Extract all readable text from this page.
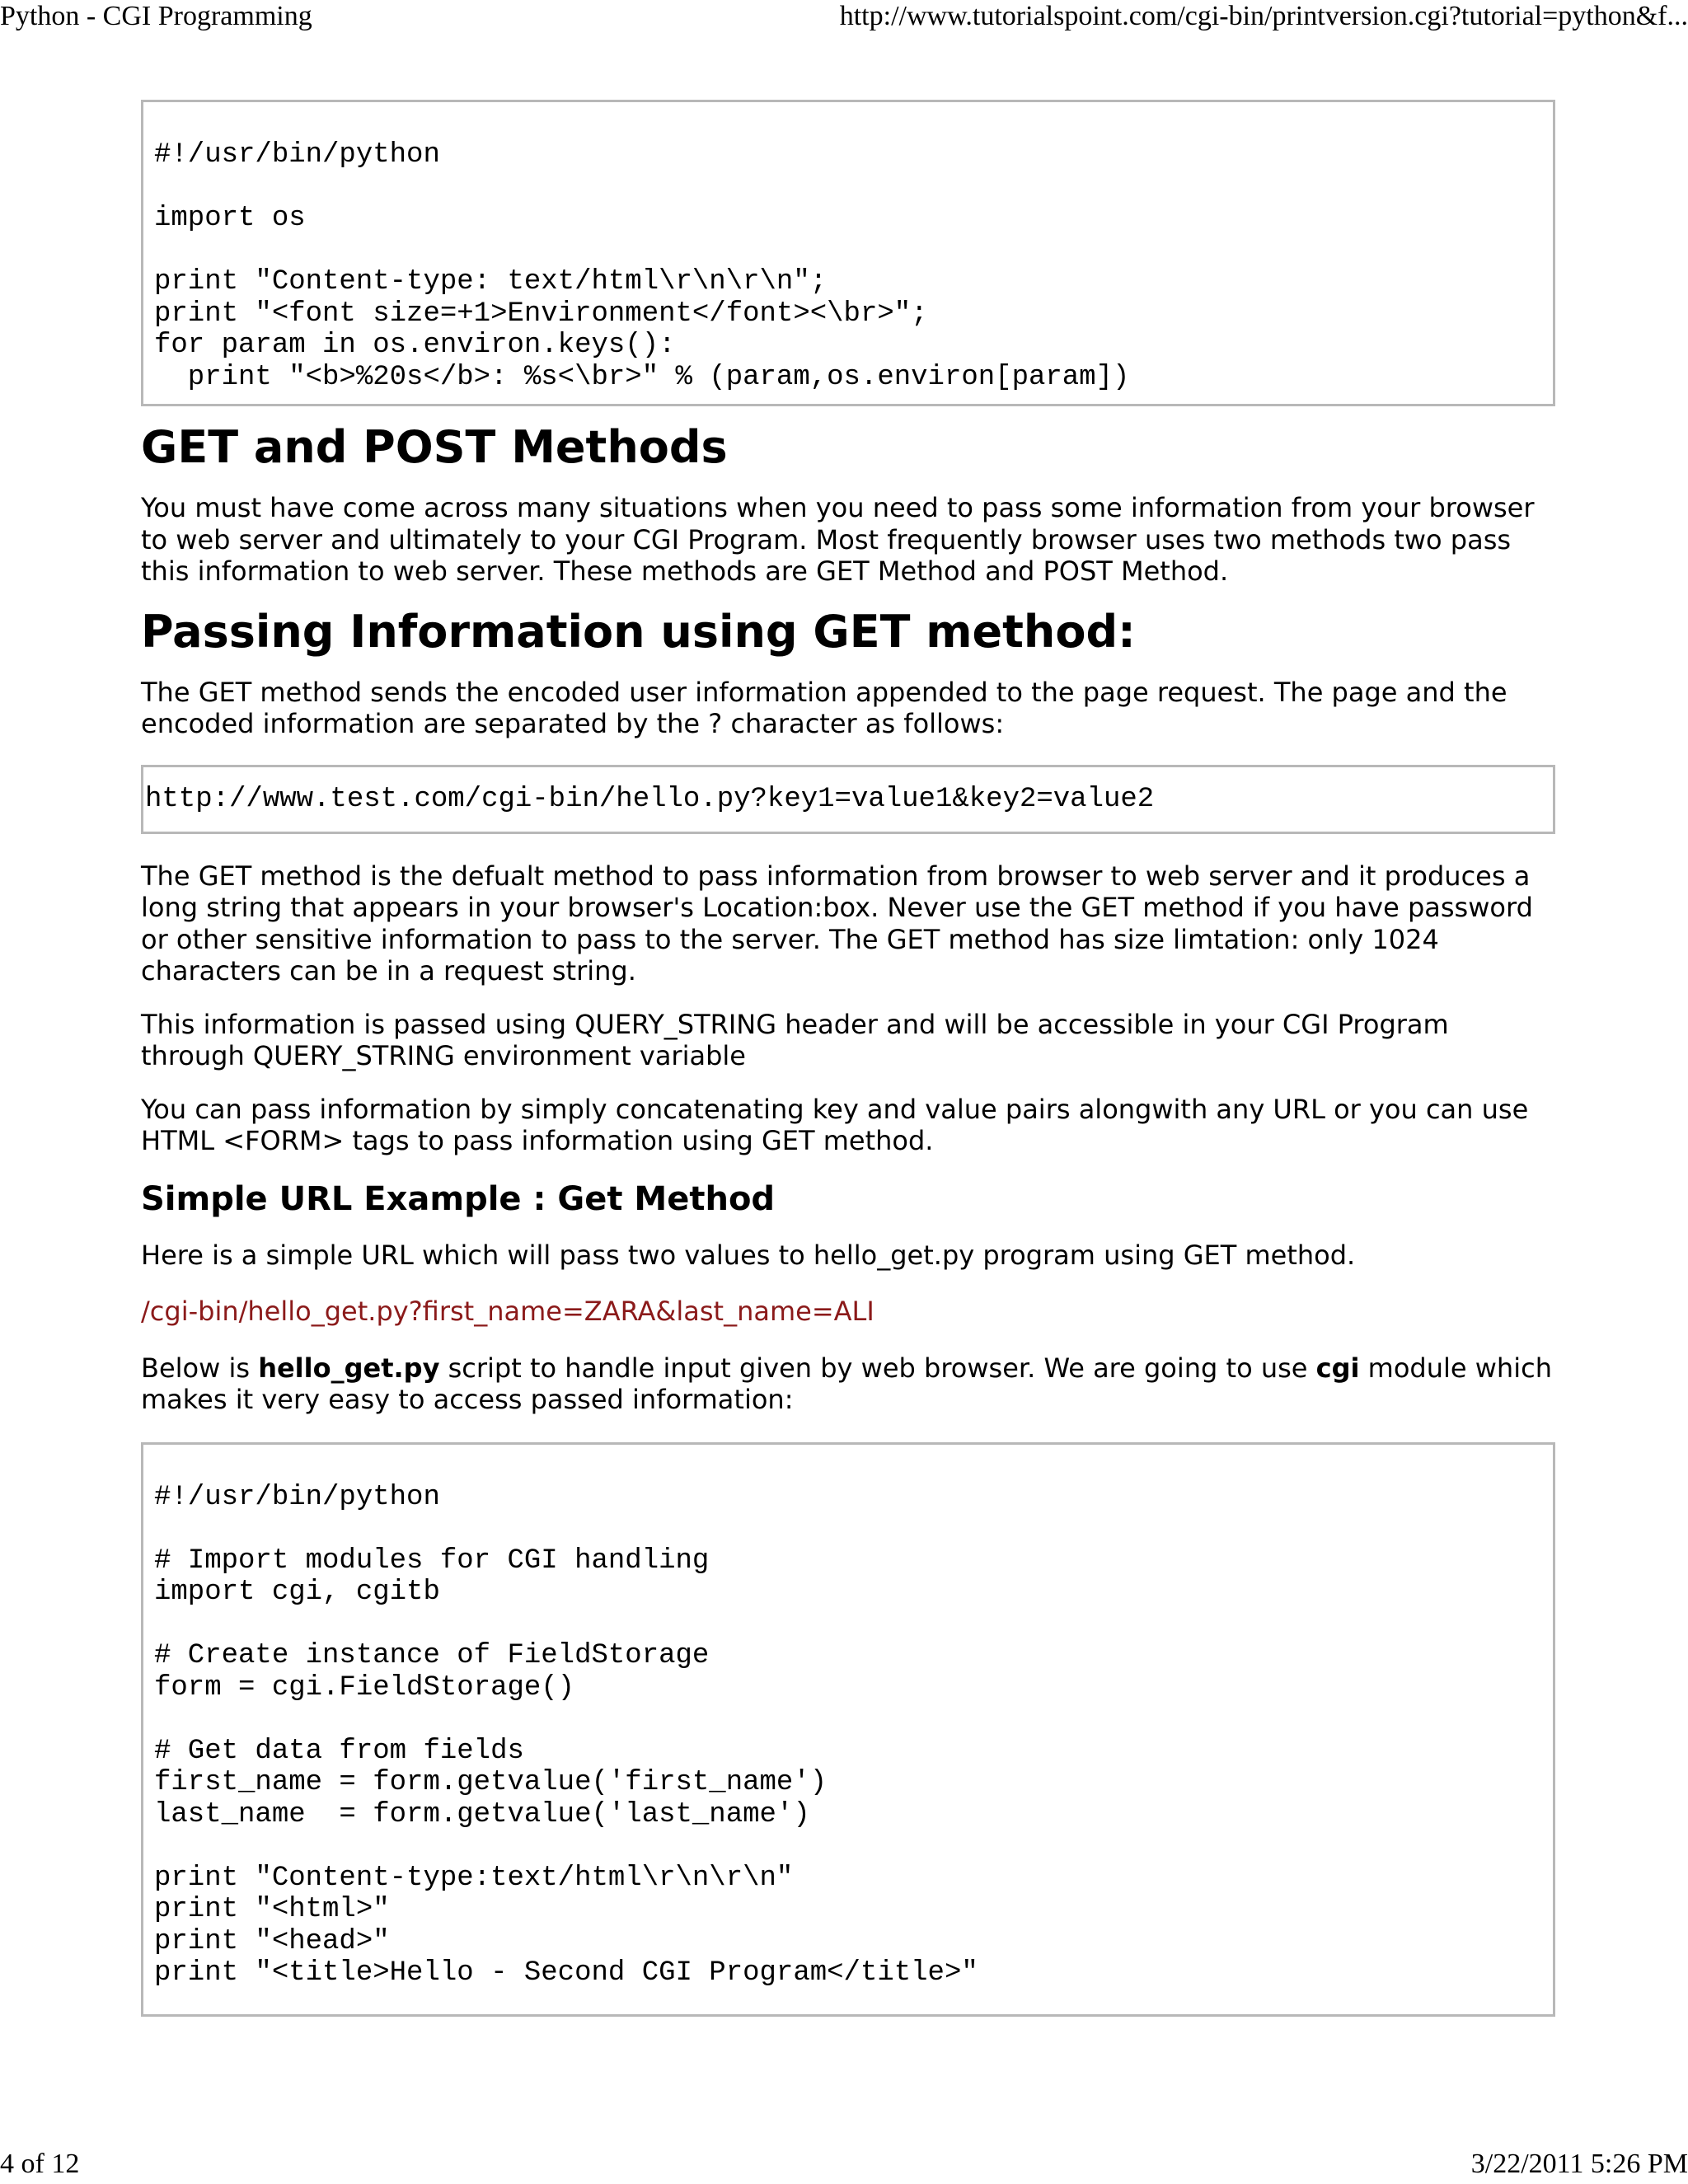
Python - CGI Programming	http://www.tutorialspoint.com/cgi-bin/printversion.cgi?tutorial=python&f...
#!/usr/bin/python

import os

print "Content-type: text/html\r\n\r\n";
print "<font size=+1>Environment</font><\br>";
for param in os.environ.keys():
print "<b>%20s</b>: %s<\br>" % (param,os.environ[param])
GET and POST Methods

You must have come across many situations when you need to pass some information from your browser to web server and ultimately to your CGI Program. Most frequently browser uses two methods two pass this information to web server. These methods are GET Method and POST Method.

Passing Information using GET method:

The GET method sends the encoded user information appended to the page request. The page and the encoded information are separated by the ? character as follows:

http://www.test.com/cgi-bin/hello.py?key1=value1&key2=value2

The GET method is the defualt method to pass information from browser to web server and it produces a long string that appears in your browser's Location:box. Never use the GET method if you have password or other sensitive information to pass to the server. The GET method has size limtation: only 1024 characters can be in a request string.

This information is passed using QUERY_STRING header and will be accessible in your CGI Program through QUERY_STRING environment variable

You can pass information by simply concatenating key and value pairs alongwith any URL or you can use HTML <FORM> tags to pass information using GET method.

Simple URL Example : Get Method

Here is a simple URL which will pass two values to hello_get.py program using GET method.

/cgi-bin/hello_get.py?first_name=ZARA&last_name=ALI

Below is hello_get.py script to handle input given by web browser. We are going to use cgi module which makes it very easy to access passed information:

#!/usr/bin/python

# Import modules for CGI handling
import cgi, cgitb

# Create instance of FieldStorage
form = cgi.FieldStorage()

# Get data from fields
first_name = form.getvalue('first_name')
last_name  = form.getvalue('last_name')

print "Content-type:text/html\r\n\r\n"
print "<html>"
print "<head>"
print "<title>Hello - Second CGI Program</title>"
4 of 12	3/22/2011 5:26 PM
